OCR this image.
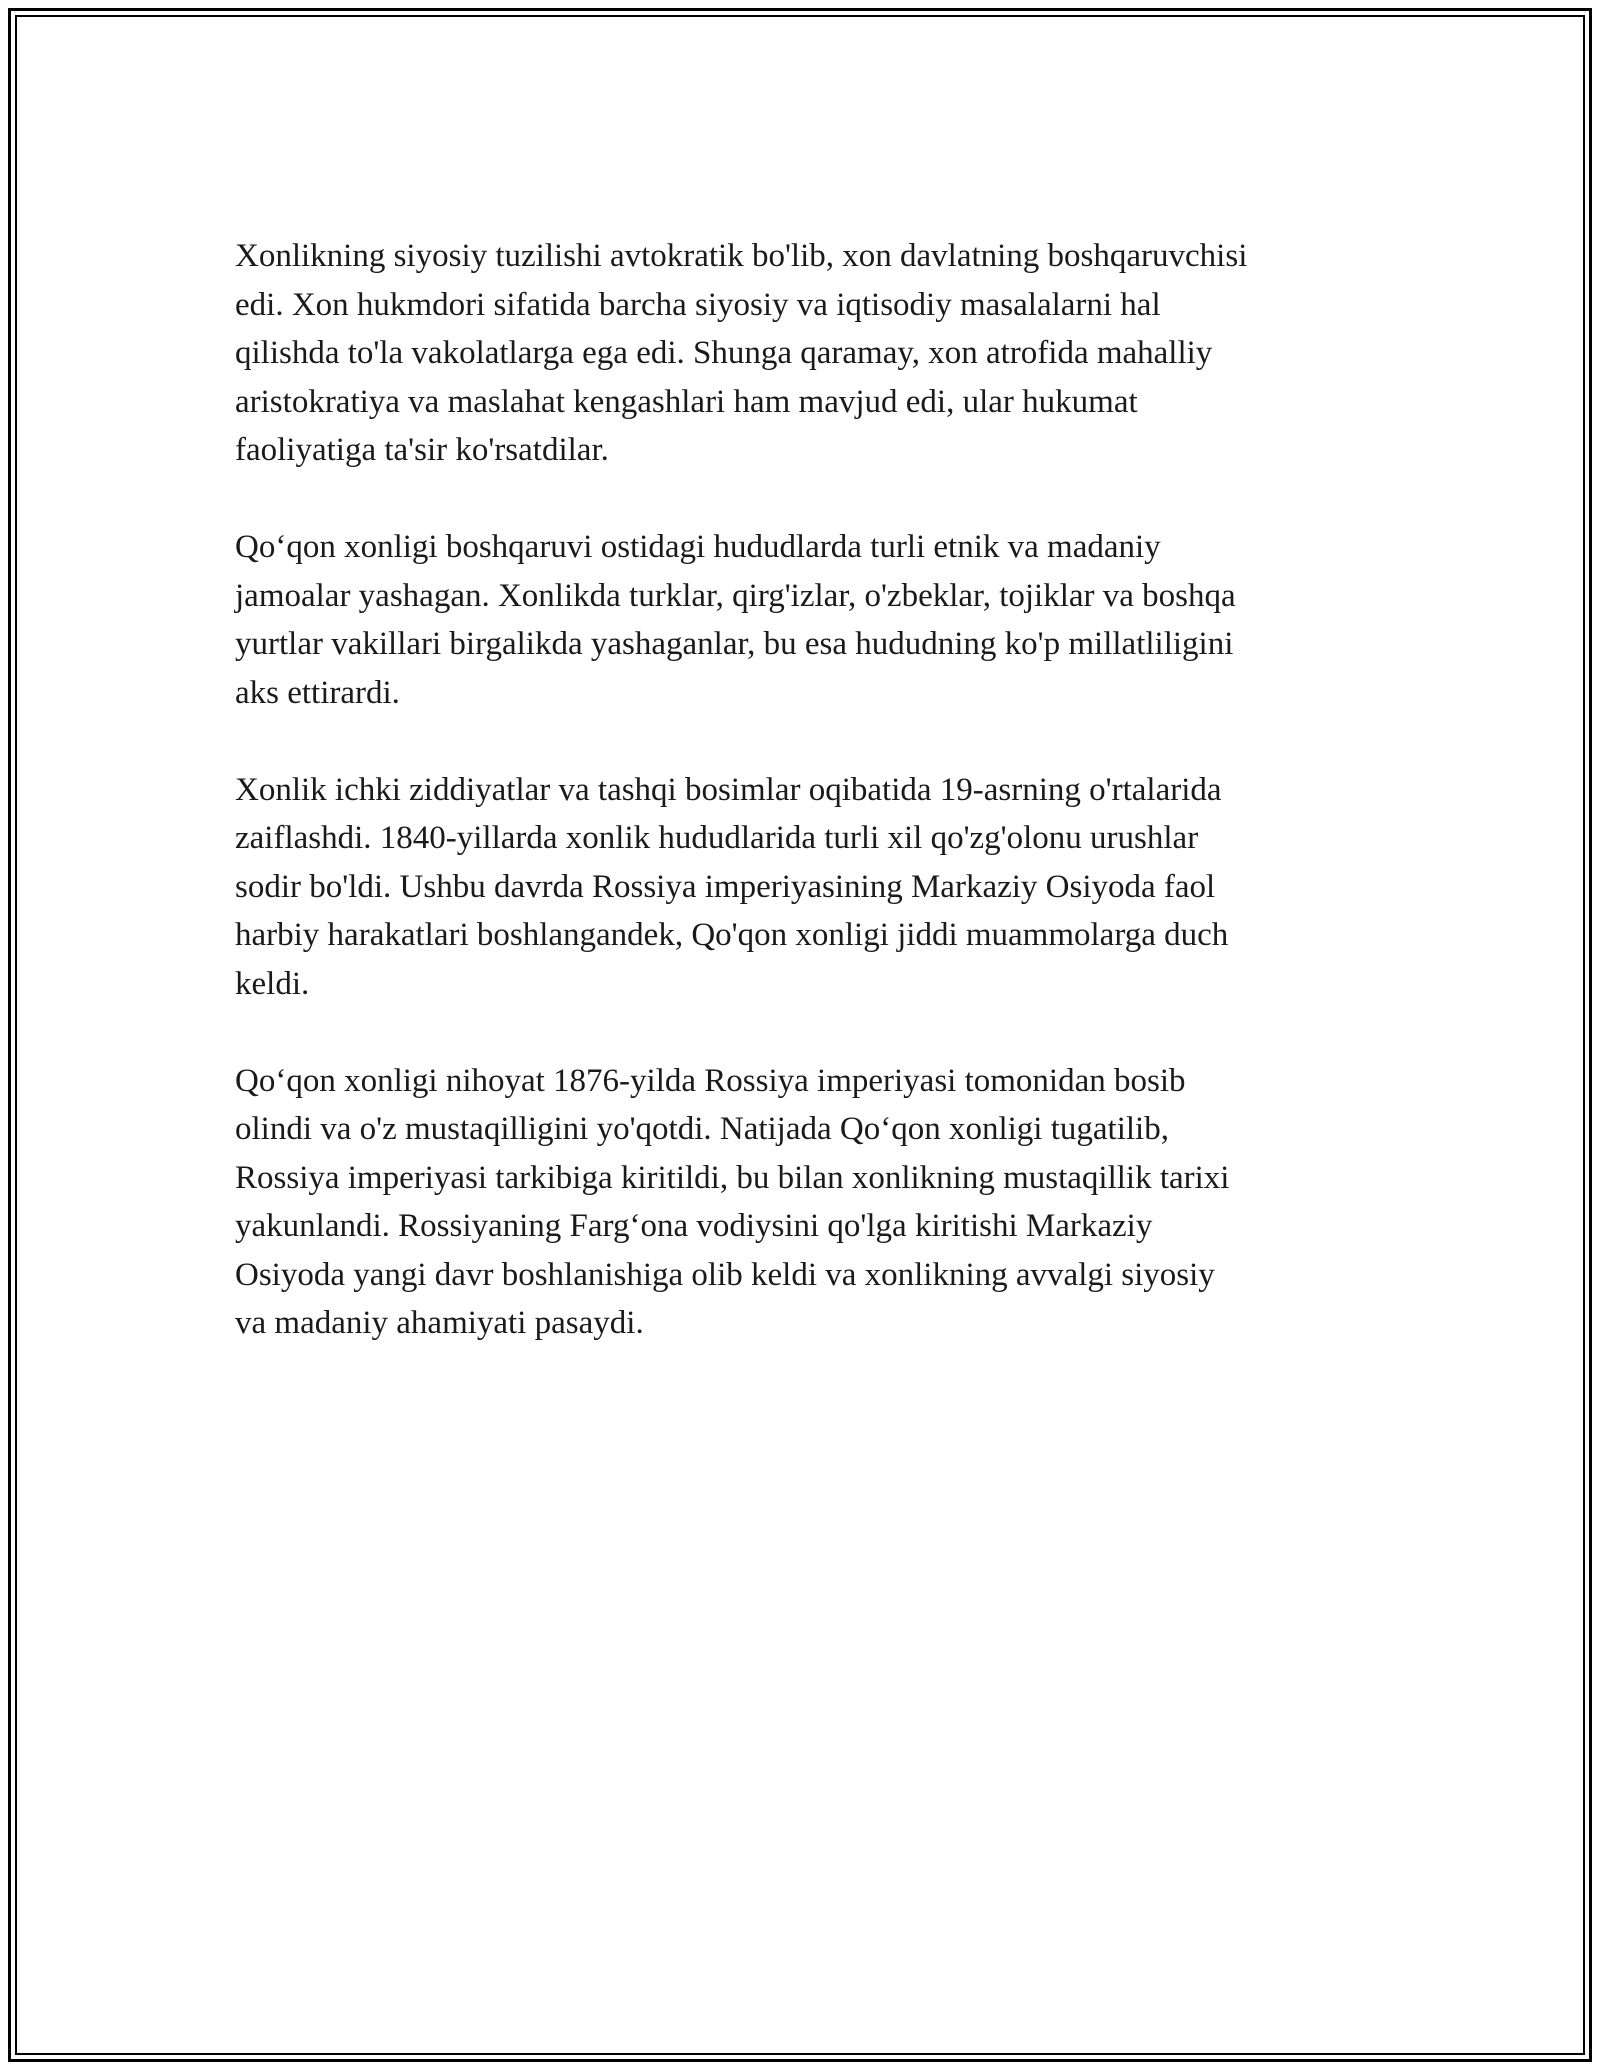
Xonlikning siyosiy tuzilishi avtokratik bo'lib, xon davlatning boshqaruvchisi
edi. Xon hukmdori sifatida barcha siyosiy va iqtisodiy masalalarni hal
qilishda to'la vakolatlarga ega edi. Shunga qaramay, xon atrofida mahalliy
aristokratiya va maslahat kengashlari ham mavjud edi, ular hukumat
faoliyatiga ta'sir ko'rsatdilar.

Qo‘qon xonligi boshqaruvi ostidagi hududlarda turli etnik va madaniy
jamoalar yashagan. Xonlikda turklar, qirg'izlar, o'zbeklar, tojiklar va boshqa
yurtlar vakillari birgalikda yashaganlar, bu esa hududning ko'p millatliligini
aks ettirardi.

Xonlik ichki ziddiyatlar va tashqi bosimlar oqibatida 19-asrning o'rtalarida
zaiflashdi. 1840-yillarda xonlik hududlarida turli xil qo'zg'olonu urushlar
sodir bo'ldi. Ushbu davrda Rossiya imperiyasining Markaziy Osiyoda faol
harbiy harakatlari boshlangandek, Qo'qon xonligi jiddi muammolarga duch
keldi.

Qo‘qon xonligi nihoyat 1876-yilda Rossiya imperiyasi tomonidan bosib
olindi va o'z mustaqilligini yo'qotdi. Natijada Qo‘qon xonligi tugatilib,
Rossiya imperiyasi tarkibiga kiritildi, bu bilan xonlikning mustaqillik tarixi
yakunlandi. Rossiyaning Farg‘ona vodiysini qo'lga kiritishi Markaziy
Osiyoda yangi davr boshlanishiga olib keldi va xonlikning avvalgi siyosiy
va madaniy ahamiyati pasaydi.
